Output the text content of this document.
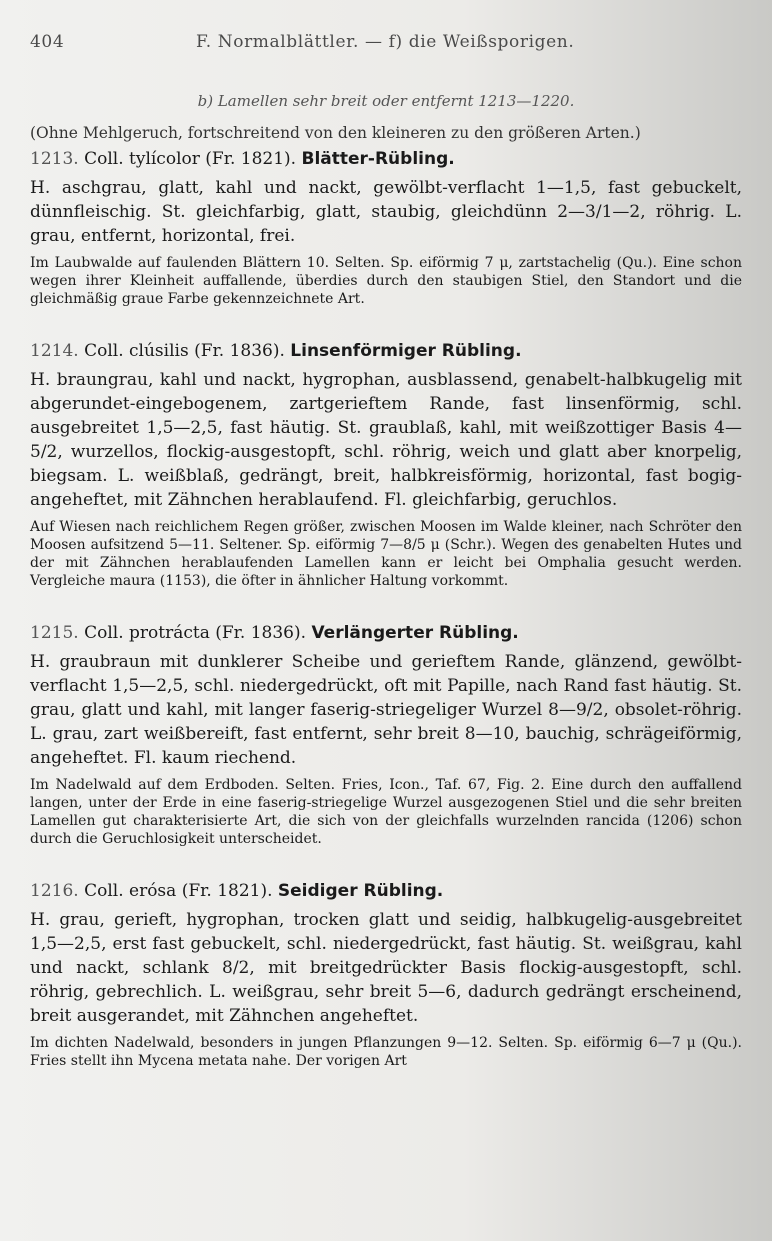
404	F. Normalblättler. — f) die Weißsporigen.
b) Lamellen sehr breit oder entfernt 1213—1220.
(Ohne Mehlgeruch, fortschreitend von den kleineren zu den größeren Arten.)
1213. Coll. tylícolor (Fr. 1821). Blätter-Rübling.
H. aschgrau, glatt, kahl und nackt, gewölbt-verflacht 1—1,5, fast gebuckelt, dünnfleischig. St. gleichfarbig, glatt, staubig, gleichdünn 2—3/1—2, röhrig. L. grau, entfernt, horizontal, frei.
Im Laubwalde auf faulenden Blättern 10. Selten. Sp. eiförmig 7 μ, zartstachelig (Qu.). Eine schon wegen ihrer Kleinheit auffallende, überdies durch den staubigen Stiel, den Standort und die gleichmäßig graue Farbe gekennzeichnete Art.
1214. Coll. clúsilis (Fr. 1836). Linsenförmiger Rübling.
H. braungrau, kahl und nackt, hygrophan, ausblassend, genabelt-halbkugelig mit abgerundet-eingebogenem, zartgerieftem Rande, fast linsenförmig, schl. ausgebreitet 1,5—2,5, fast häutig. St. graublaß, kahl, mit weißzottiger Basis 4—5/2, wurzellos, flockig-ausgestopft, schl. röhrig, weich und glatt aber knorpelig, biegsam. L. weißblaß, gedrängt, breit, halbkreisförmig, horizontal, fast bogig-angeheftet, mit Zähnchen herablaufend. Fl. gleichfarbig, geruchlos.
Auf Wiesen nach reichlichem Regen größer, zwischen Moosen im Walde kleiner, nach Schröter den Moosen aufsitzend 5—11. Seltener. Sp. eiförmig 7—8/5 μ (Schr.). Wegen des genabelten Hutes und der mit Zähnchen herablaufenden Lamellen kann er leicht bei Omphalia gesucht werden. Vergleiche maura (1153), die öfter in ähnlicher Haltung vorkommt.
1215. Coll. protrácta (Fr. 1836). Verlängerter Rübling.
H. graubraun mit dunklerer Scheibe und gerieftem Rande, glänzend, gewölbt-verflacht 1,5—2,5, schl. niedergedrückt, oft mit Papille, nach Rand fast häutig. St. grau, glatt und kahl, mit langer faserig-striegeliger Wurzel 8—9/2, obsolet-röhrig. L. grau, zart weißbereift, fast entfernt, sehr breit 8—10, bauchig, schrägeiförmig, angeheftet. Fl. kaum riechend.
Im Nadelwald auf dem Erdboden. Selten. Fries, Icon., Taf. 67, Fig. 2. Eine durch den auffallend langen, unter der Erde in eine faserig-striegelige Wurzel ausgezogenen Stiel und die sehr breiten Lamellen gut charakterisierte Art, die sich von der gleichfalls wurzelnden rancida (1206) schon durch die Geruchlosigkeit unterscheidet.
1216. Coll. erósa (Fr. 1821). Seidiger Rübling.
H. grau, gerieft, hygrophan, trocken glatt und seidig, halbkugelig-ausgebreitet 1,5—2,5, erst fast gebuckelt, schl. niedergedrückt, fast häutig. St. weißgrau, kahl und nackt, schlank 8/2, mit breitgedrückter Basis flockig-ausgestopft, schl. röhrig, gebrechlich. L. weißgrau, sehr breit 5—6, dadurch gedrängt erscheinend, breit ausgerandet, mit Zähnchen angeheftet.
Im dichten Nadelwald, besonders in jungen Pflanzungen 9—12. Selten. Sp. eiförmig 6—7 μ (Qu.). Fries stellt ihn Mycena metata nahe. Der vorigen Art
